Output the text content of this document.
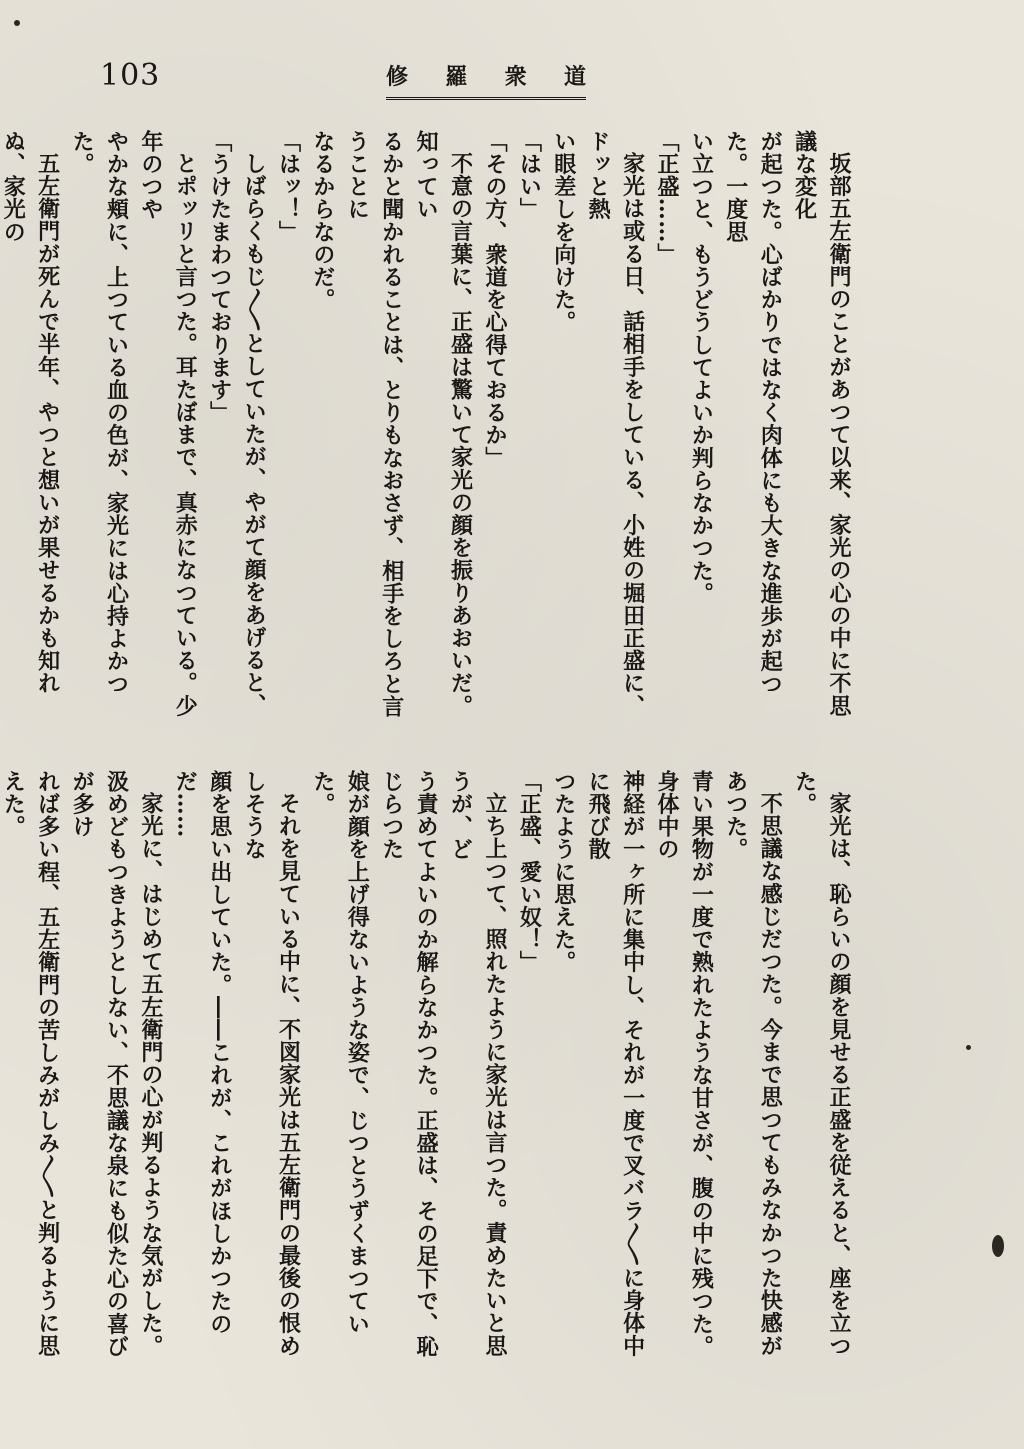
103	修 羅 衆 道

坂部五左衛門のことがあつて以来、家光の心の中に不思議な変化

が起つた。心ばかりではなく肉体にも大きな進歩が起つた。一度思

い立つと、もうどうしてよいか判らなかつた。

「正盛……」

家光は或る日、話相手をしている、小姓の堀田正盛に、ドッと熱

い眼差しを向けた。

「はい」

「その方、衆道を心得ておるか」

不意の言葉に、正盛は驚いて家光の顔を振りあおいだ。知ってい

るかと聞かれることは、とりもなおさず、相手をしろと言うことに

なるからなのだ。

「はッ！」

しばらくもじ〳〵としていたが、やがて顔をあげると、

「うけたまわつております」

とポッリと言つた。耳たぼまで、真赤になつている。少年のつや

やかな頬に、上つている血の色が、家光には心持よかつた。

五左衛門が死んで半年、やつと想いが果せるかも知れぬ、家光の

家光は、恥らいの顔を見せる正盛を従えると、座を立つた。

不思議な感じだつた。今まで思つてもみなかつた快感があつた。

青い果物が一度で熟れたような甘さが、腹の中に残つた。身体中の

神経が一ヶ所に集中し、それが一度で叉バラ〳〵に身体中に飛び散

つたように思えた。

「正盛、愛い奴！」

立ち上つて、照れたように家光は言つた。責めたいと思うが、ど

う責めてよいのか解らなかつた。正盛は、その足下で、恥じらつた

娘が顔を上げ得ないような姿で、じつとうずくまつていた。

それを見ている中に、不図家光は五左衛門の最後の恨めしそうな

顔を思い出していた。――これが、これがほしかつたのだ……

家光に、はじめて五左衛門の心が判るような気がした。

汲めどもつきようとしない、不思議な泉にも似た心の喜びが多け

れば多い程、五左衛門の苦しみがしみ〳〵と判るように思えた。
